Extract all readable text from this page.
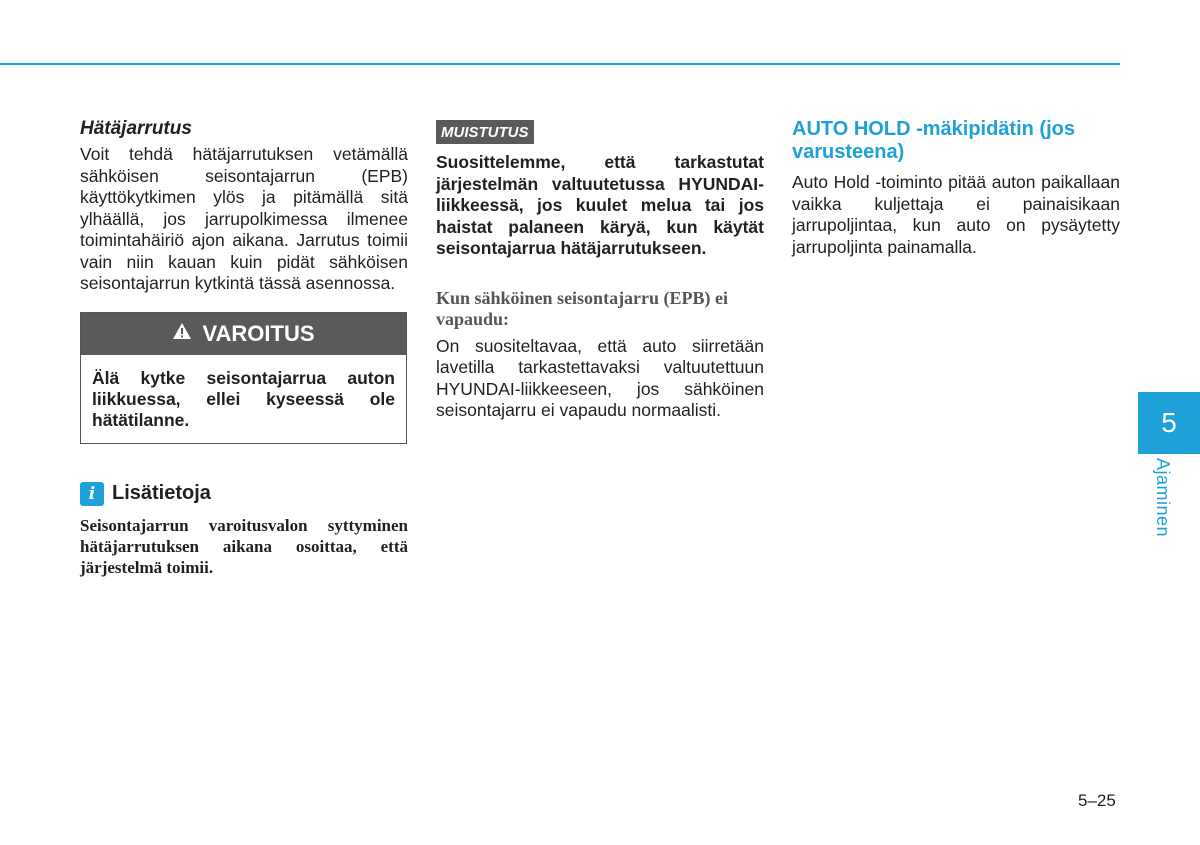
Hätäjarrutus

Voit tehdä hätäjarrutuksen vetämällä sähköisen seisontajarrun (EPB) käyttökytkimen ylös ja pitämällä sitä ylhäällä, jos jarrupolkimessa ilmenee toimintahäiriö ajon aikana. Jarrutus toimii vain niin kauan kuin pidät sähköisen seisontajarrun kytkintä tässä asennossa.

VAROITUS
Älä kytke seisontajarrua auton liikkuessa, ellei kyseessä ole hätätilanne.
i Lisätietoja
Seisontajarrun varoitusvalon syttyminen hätäjarrutuksen aikana osoittaa, että järjestelmä toimii.
MUISTUTUS
Suosittelemme, että tarkastutat järjestelmän valtuutetussa HYUNDAI-liikkeessä, jos kuulet melua tai jos haistat palaneen käryä, kun käytät seisontajarrua hätäjarrutukseen.
Kun sähköinen seisontajarru (EPB) ei vapaudu:

On suositeltavaa, että auto siirretään lavetilla tarkastettavaksi valtuutettuun HYUNDAI-liikkeeseen, jos sähköinen seisontajarru ei vapaudu normaalisti.

AUTO HOLD -mäkipidätin (jos varusteena)

Auto Hold -toiminto pitää auton paikallaan vaikka kuljettaja ei painaisikaan jarrupoljintaa, kun auto on pysäytetty jarrupoljinta painamalla.

5
Ajaminen
5–25
